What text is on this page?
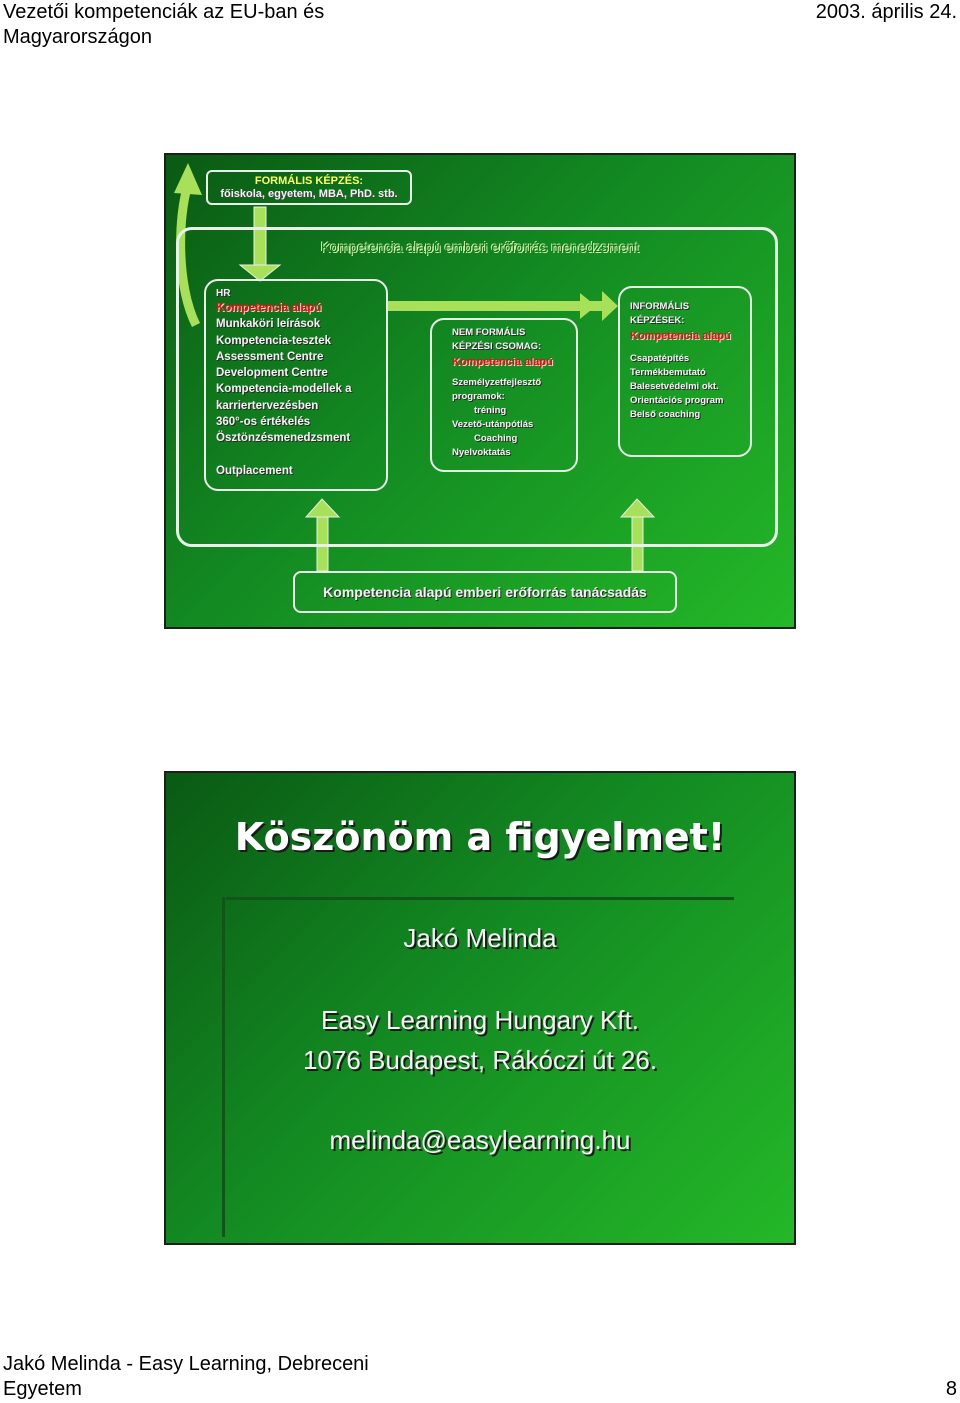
Vezetői kompetenciák az EU-ban és
Magyarországon
2003. április 24.
FORMÁLIS KÉPZÉS:
főiskola, egyetem, MBA, PhD. stb.
Kompetencia alapú emberi erőforrás menedzsment
HR
Kompetencia alapú
Munkaköri leírások
Kompetencia-tesztek
Assessment Centre
Development Centre
Kompetencia-modellek a
karriertervezésben
360°-os értékelés
Ösztönzésmenedzsment
Outplacement
NEM FORMÁLIS
KÉPZÉSI CSOMAG:
Kompetencia alapú
Személyzetfejlesztő
programok:
tréning
Vezető-utánpótlás
Coaching
Nyelvoktatás
INFORMÁLIS
KÉPZÉSEK:
Kompetencia alapú
Csapatépítés
Termékbemutató
Balesetvédelmi okt.
Orientációs program
Belső coaching
Kompetencia alapú emberi erőforrás tanácsadás
Köszönöm a figyelmet!
Jakó Melinda
Easy Learning Hungary Kft.
1076 Budapest, Rákóczi út 26.
melinda@easylearning.hu
Jakó Melinda - Easy Learning, Debreceni
Egyetem	8
